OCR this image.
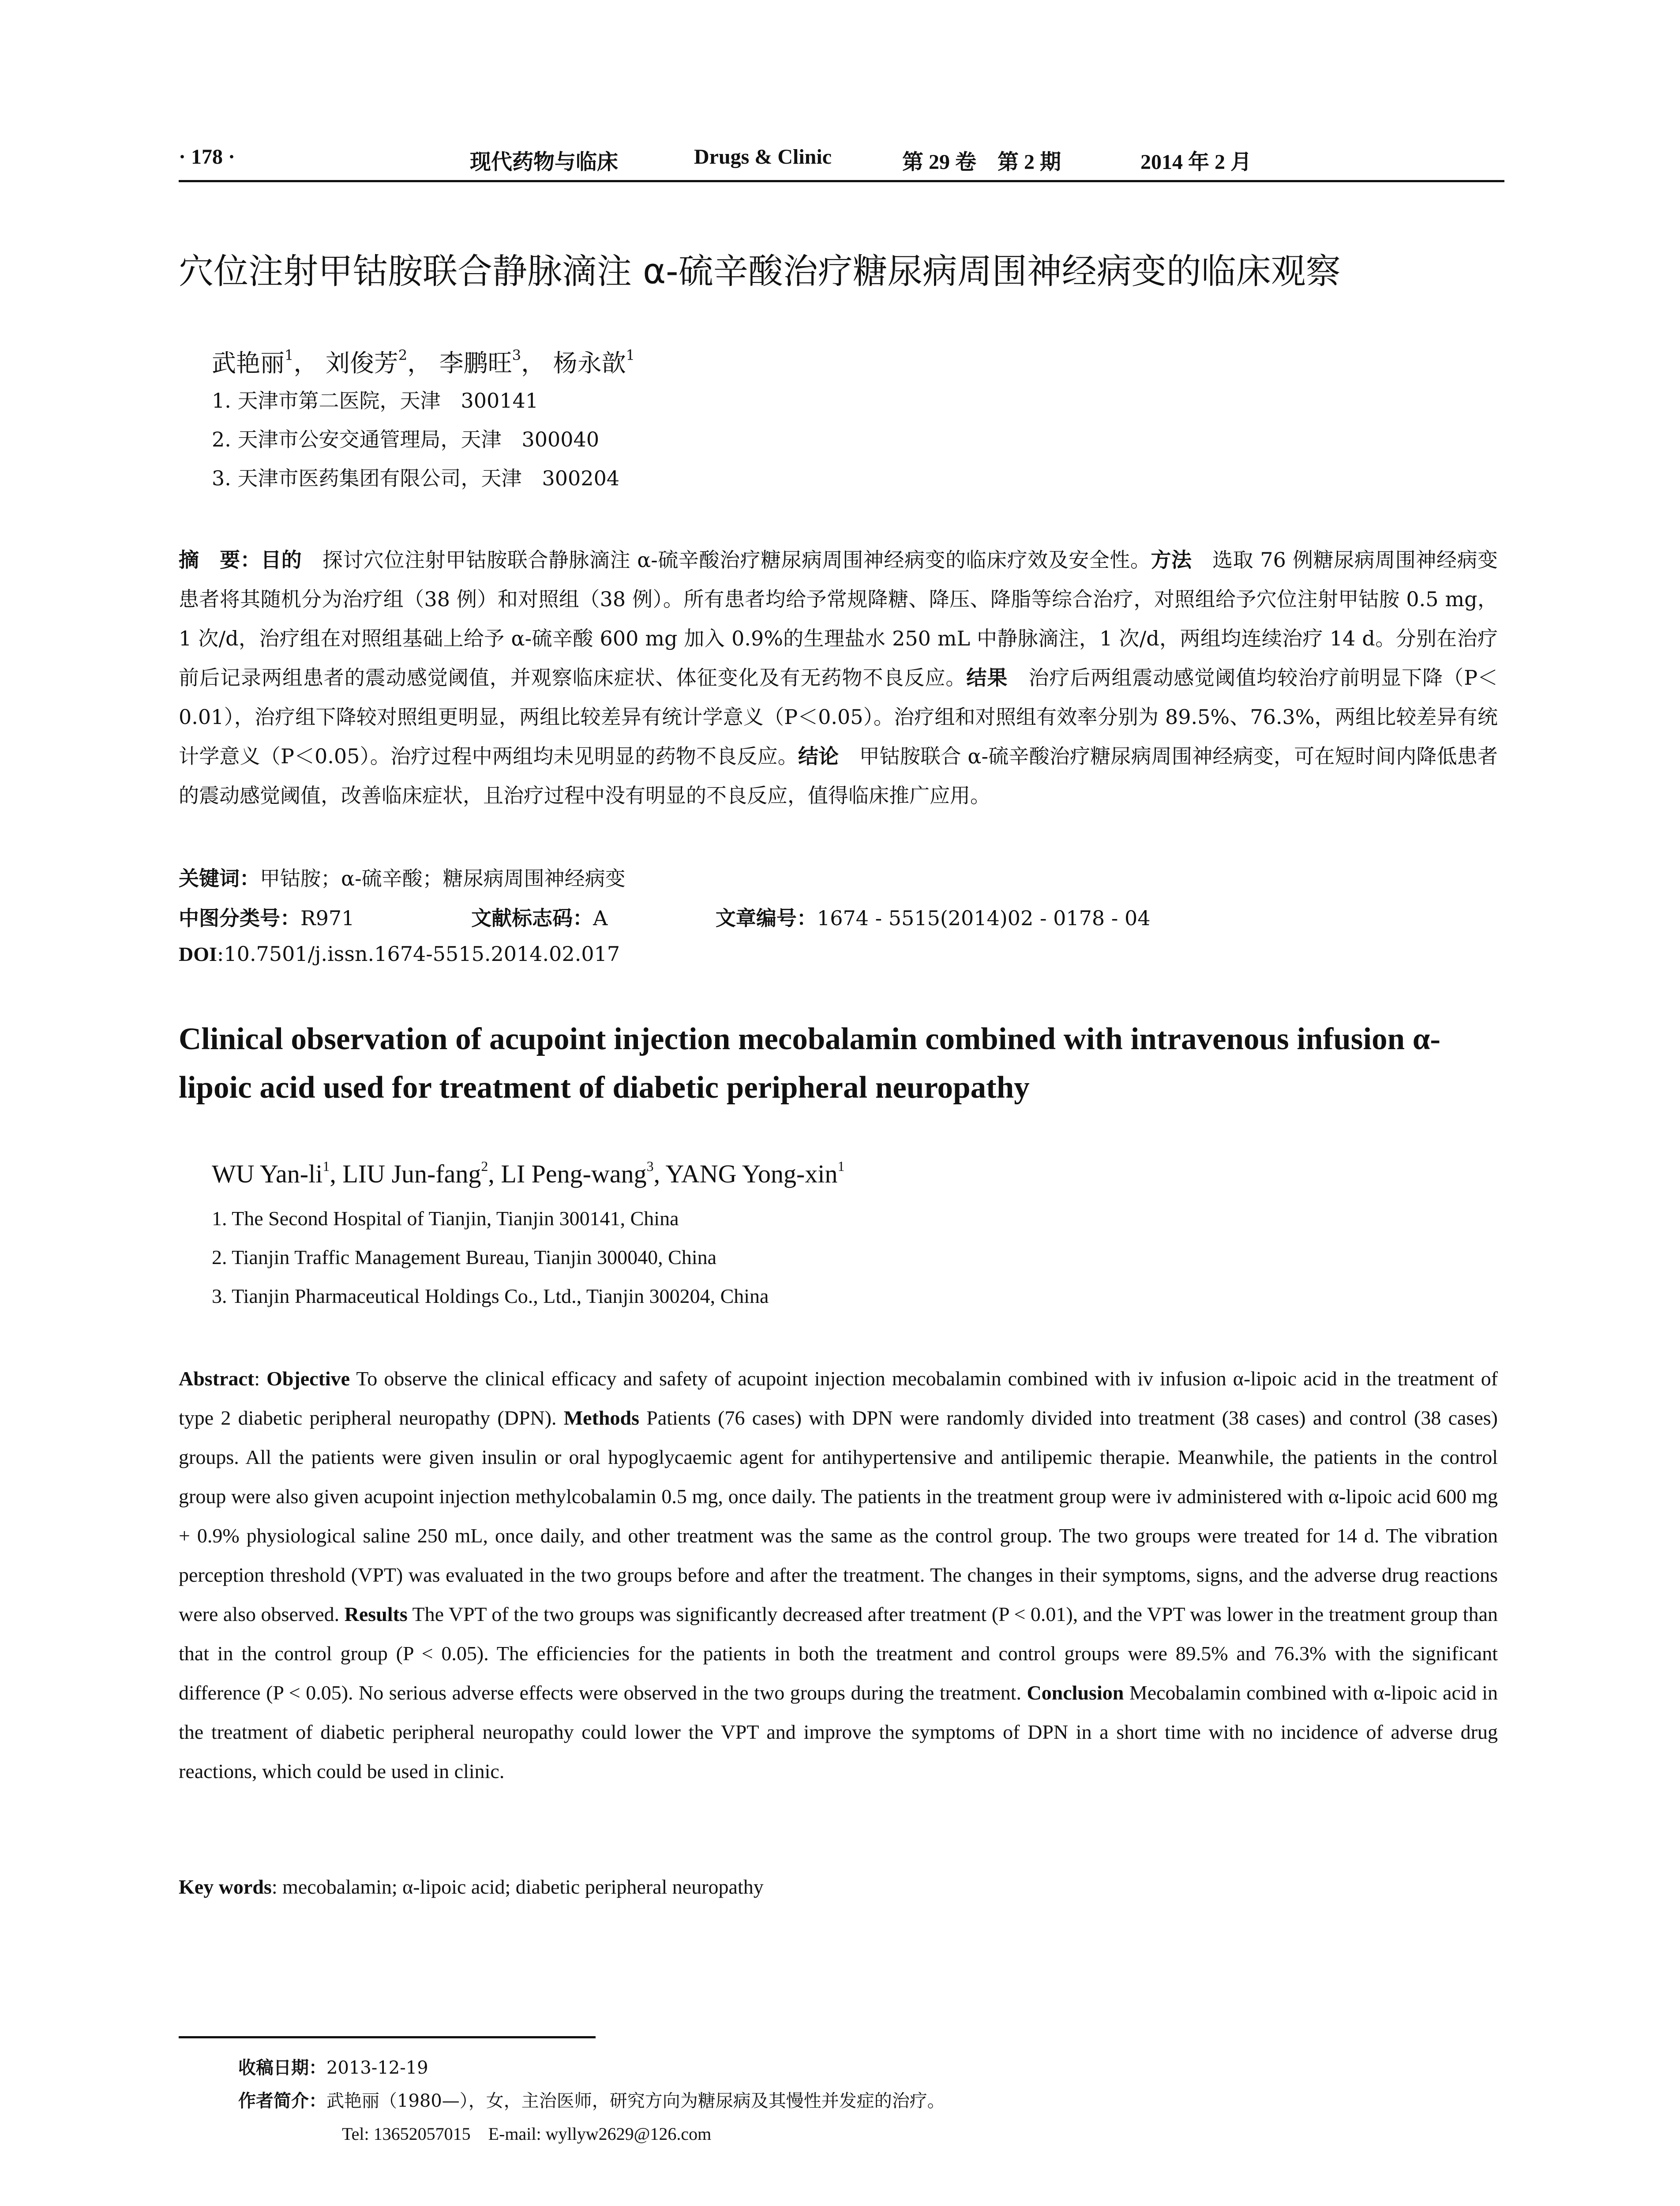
· 178 ·	现代药物与临床	Drugs & Clinic	第 29 卷　第 2 期	2014 年 2 月
穴位注射甲钴胺联合静脉滴注 α-硫辛酸治疗糖尿病周围神经病变的临床观察
武艳丽$^1$， 刘俊芳$^2$， 李鹏旺$^3$， 杨永歆$^1$
1. 天津市第二医院，天津　300141
2. 天津市公安交通管理局，天津　300040
3. 天津市医药集团有限公司，天津　300204
摘　要：目的　探讨穴位注射甲钴胺联合静脉滴注 α-硫辛酸治疗糖尿病周围神经病变的临床疗效及安全性。方法　选取 76 例糖尿病周围神经病变患者将其随机分为治疗组（38 例）和对照组（38 例）。所有患者均给予常规降糖、降压、降脂等综合治疗，对照组给予穴位注射甲钴胺 0.5 mg，1 次/d，治疗组在对照组基础上给予 α-硫辛酸 600 mg 加入 0.9%的生理盐水 250 mL 中静脉滴注，1 次/d，两组均连续治疗 14 d。分别在治疗前后记录两组患者的震动感觉阈值，并观察临床症状、体征变化及有无药物不良反应。结果　治疗后两组震动感觉阈值均较治疗前明显下降（P＜0.01），治疗组下降较对照组更明显，两组比较差异有统计学意义（P＜0.05）。治疗组和对照组有效率分别为 89.5%、76.3%，两组比较差异有统计学意义（P＜0.05）。治疗过程中两组均未见明显的药物不良反应。结论　甲钴胺联合 α-硫辛酸治疗糖尿病周围神经病变，可在短时间内降低患者的震动感觉阈值，改善临床症状，且治疗过程中没有明显的不良反应，值得临床推广应用。
关键词：甲钴胺；α-硫辛酸；糖尿病周围神经病变
中图分类号：R971	文献标志码：A	文章编号：1674 - 5515(2014)02 - 0178 - 04
DOI:10.7501/j.issn.1674-5515.2014.02.017
Clinical observation of acupoint injection mecobalamin combined with intravenous infusion α-lipoic acid used for treatment of diabetic peripheral neuropathy
WU Yan-$li^1$, LIU Jun-fang$^2$, LI Peng-wang$^3$, YANG Yong-xin$^1$
1. The Second Hospital of Tianjin, Tianjin 300141, China
2. Tianjin Traffic Management Bureau, Tianjin 300040, China
3. Tianjin Pharmaceutical Holdings Co., Ltd., Tianjin 300204, China
Abstract: Objective To observe the clinical efficacy and safety of acupoint injection mecobalamin combined with iv infusion α-lipoic acid in the treatment of type 2 diabetic peripheral neuropathy (DPN). Methods Patients (76 cases) with DPN were randomly divided into treatment (38 cases) and control (38 cases) groups. All the patients were given insulin or oral hypoglycaemic agent for antihypertensive and antilipemic therapie. Meanwhile, the patients in the control group were also given acupoint injection methylcobalamin 0.5 mg, once daily. The patients in the treatment group were iv administered with α-lipoic acid 600 mg + 0.9% physiological saline 250 mL, once daily, and other treatment was the same as the control group. The two groups were treated for 14 d. The vibration perception threshold (VPT) was evaluated in the two groups before and after the treatment. The changes in their symptoms, signs, and the adverse drug reactions were also observed. Results The VPT of the two groups was significantly decreased after treatment (P < 0.01), and the VPT was lower in the treatment group than that in the control group (P < 0.05). The efficiencies for the patients in both the treatment and control groups were 89.5% and 76.3% with the significant difference (P < 0.05). No serious adverse effects were observed in the two groups during the treatment. Conclusion Mecobalamin combined with α-lipoic acid in the treatment of diabetic peripheral neuropathy could lower the VPT and improve the symptoms of DPN in a short time with no incidence of adverse drug reactions, which could be used in clinic.
Key words: mecobalamin; α-lipoic acid; diabetic peripheral neuropathy
收稿日期：2013-12-19
作者简介：武艳丽（1980—），女，主治医师，研究方向为糖尿病及其慢性并发症的治疗。
Tel: 13652057015　E-mail: wyllyw2629@126.com
